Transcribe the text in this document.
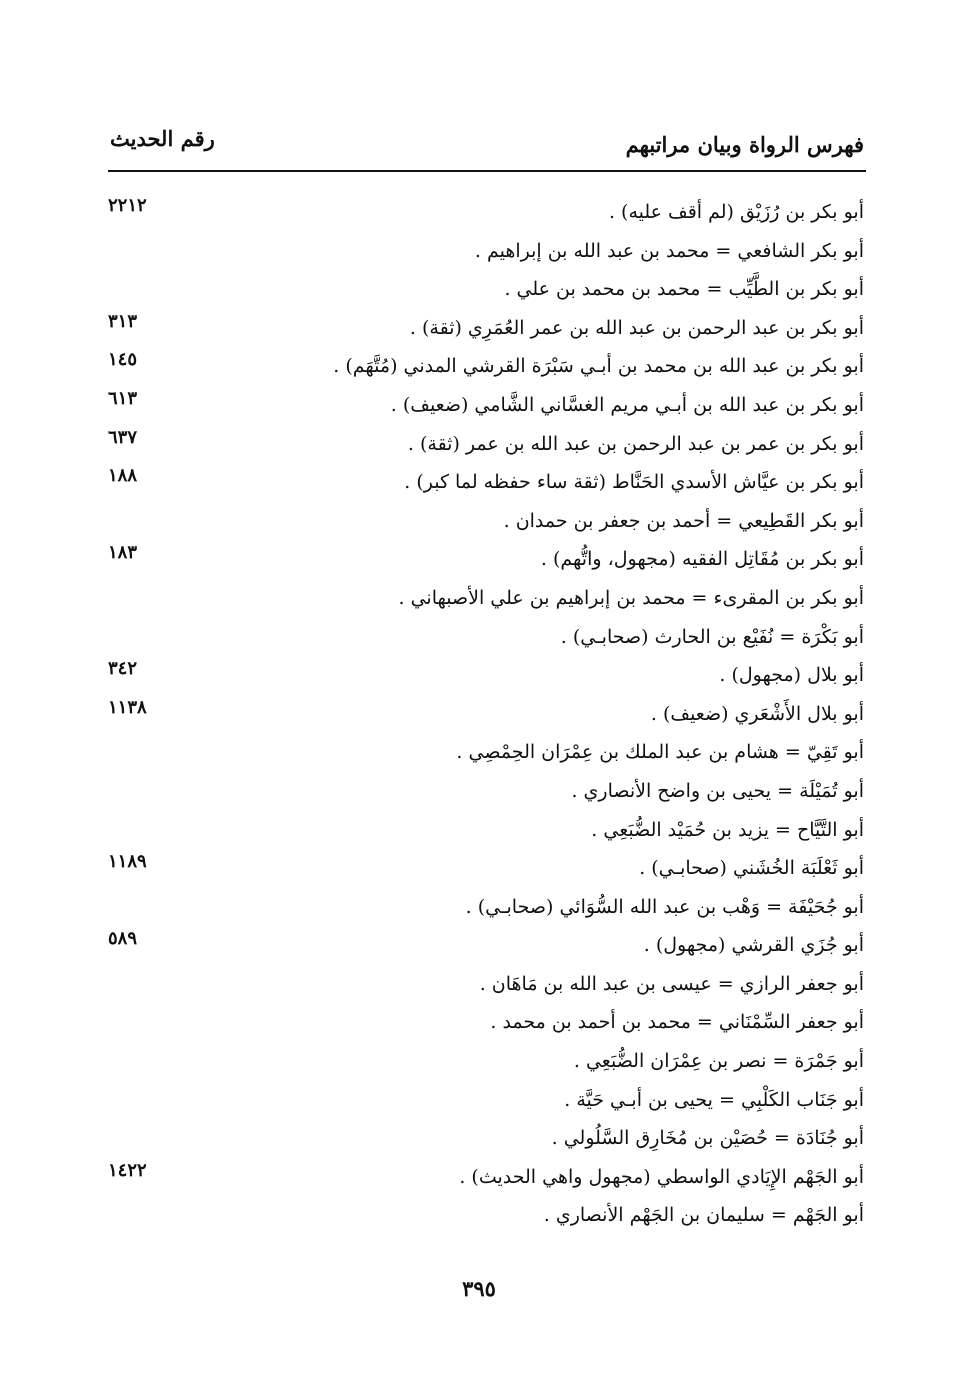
فهرس الرواة وبيان مراتبهم
رقم الحديث
أبو بكر بن رُزَيْق (لم أقف عليه) .
٢٢١٢
أبو بكر الشافعي = محمد بن عبد الله بن إبراهيم .
أبو بكر بن الطَّيِّب = محمد بن محمد بن علي .
أبو بكر بن عبد الرحمن بن عبد الله بن عمر العُمَرِي (ثقة) .
٣١٣
أبو بكر بن عبد الله بن محمد بن أبـي سَبْرَة القرشي المدني (مُتَّهَم) .
١٤٥
أبو بكر بن عبد الله بن أبـي مريم الغسَّاني الشَّامي (ضعيف) .
٦١٣
أبو بكر بن عمر بن عبد الرحمن بن عبد الله بن عمر (ثقة) .
٦٣٧
أبو بكر بن عيَّاش الأسدي الحَنَّاط (ثقة ساء حفظه لما كبر) .
١٨٨
أبو بكر القَطِيعي = أحمد بن جعفر بن حمدان .
أبو بكر بن مُقَاتِل الفقيه (مجهول، واتُّهم) .
١٨٣
أبو بكر بن المقرىء = محمد بن إبراهيم بن علي الأصبهاني .
أبو بَكْرَة = نُفَيْع بن الحارث (صحابـي) .
أبو بلال (مجهول) .
٣٤٢
أبو بلال الأَشْعَري (ضعيف) .
١١٣٨
أبو تَقِيّ = هشام بن عبد الملك بن عِمْرَان الحِمْصِي .
أبو تُمَيْلَة = يحيى بن واضح الأنصاري .
أبو التَّيَّاح = يزيد بن حُمَيْد الضُّبَعِي .
أبو ثَعْلَبَة الخُشَني (صحابـي) .
١١٨٩
أبو جُحَيْفَة = وَهْب بن عبد الله السُّوَائي (صحابـي) .
أبو جُزَي القرشي (مجهول) .
٥٨٩
أبو جعفر الرازي = عيسى بن عبد الله بن مَاهَان .
أبو جعفر السِّمْنَاني = محمد بن أحمد بن محمد .
أبو جَمْرَة = نصر بن عِمْرَان الضُّبَعِي .
أبو جَنَاب الكَلْبِي = يحيى بن أبـي حَيَّة .
أبو جُنَادَة = حُصَيْن بن مُخَارِق السَّلُولي .
أبو الجَهْم الإِيَادي الواسطي (مجهول واهي الحديث) .
١٤٢٢
أبو الجَهْم = سليمان بن الجَهْم الأنصاري .
٣٩٥
